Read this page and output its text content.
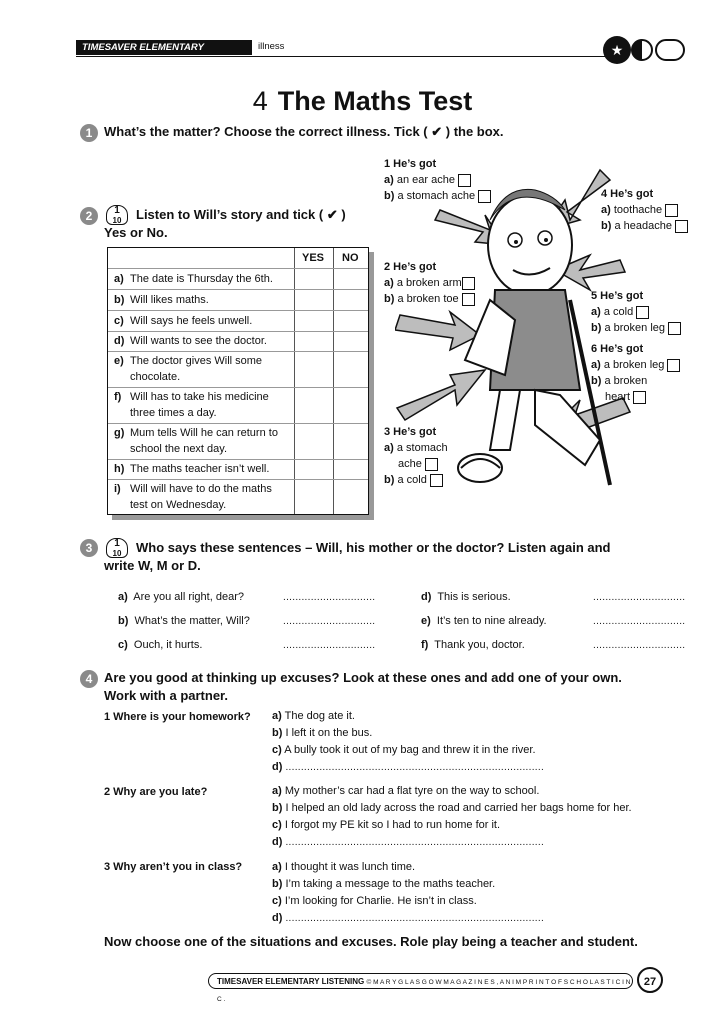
TIMESAVER ELEMENTARY LISTENING
illness	★
4 The Maths Test
1 What’s the matter? Choose the correct illness. Tick ( ✔ ) the box.
2	1
10	Listen to Will’s story and tick ( ✔ )
Yes or No.
YES NO
a) The date is Thursday the 6th.
b) Will likes maths.
c) Will says he feels unwell.
d) Will wants to see the doctor.
e) The doctor gives Will some chocolate.
f) Will has to take his medicine three times a day.
g) Mum tells Will he can return to school the next day.
h) The maths teacher isn’t well.
i) Will will have to do the maths test on Wednesday.
1 He’s got
a) an ear ache
b) a stomach ache
2 He’s got
a) a broken arm
b) a broken toe
3 He’s got
a) a stomach
ache
b) a cold
4 He’s got
a) toothache
b) a headache
5 He’s got
a) a cold
b) a broken leg
6 He’s got
a) a broken leg
b) a broken
heart
3	1
10	Who says these sentences – Will, his mother or the doctor? Listen again and
write W, M or D.
a) Are you all right, dear?
b) What’s the matter, Will?
c) Ouch, it hurts.
d) This is serious.
e) It’s ten to nine already.
f) Thank you, doctor.
..............................
..............................
..............................
..............................
..............................
..............................
4 Are you good at thinking up excuses? Look at these ones and add one of your own.
Work with a partner.
1 Where is your homework? a) The dog ate it.
b) I left it on the bus.
c) A bully took it out of my bag and threw it in the river.
d) ....................................................................................
2 Why are you late?	a) My mother’s car had a flat tyre on the way to school.
b) I helped an old lady across the road and carried her bags home for her.
c) I forgot my PE kit so I had to run home for it.
d) ....................................................................................
3 Why aren’t you in class?	a) I thought it was lunch time.
b) I’m taking a message to the maths teacher.
c) I’m looking for Charlie. He isn’t in class.
d) ....................................................................................
Now choose one of the situations and excuses. Role play being a teacher and student.
TIMESAVER ELEMENTARY LISTENING © M A R Y G L A S G O W M A G A Z I N E S , A N I M P R I N T O F S C H O L A S T I C I N C .
27
